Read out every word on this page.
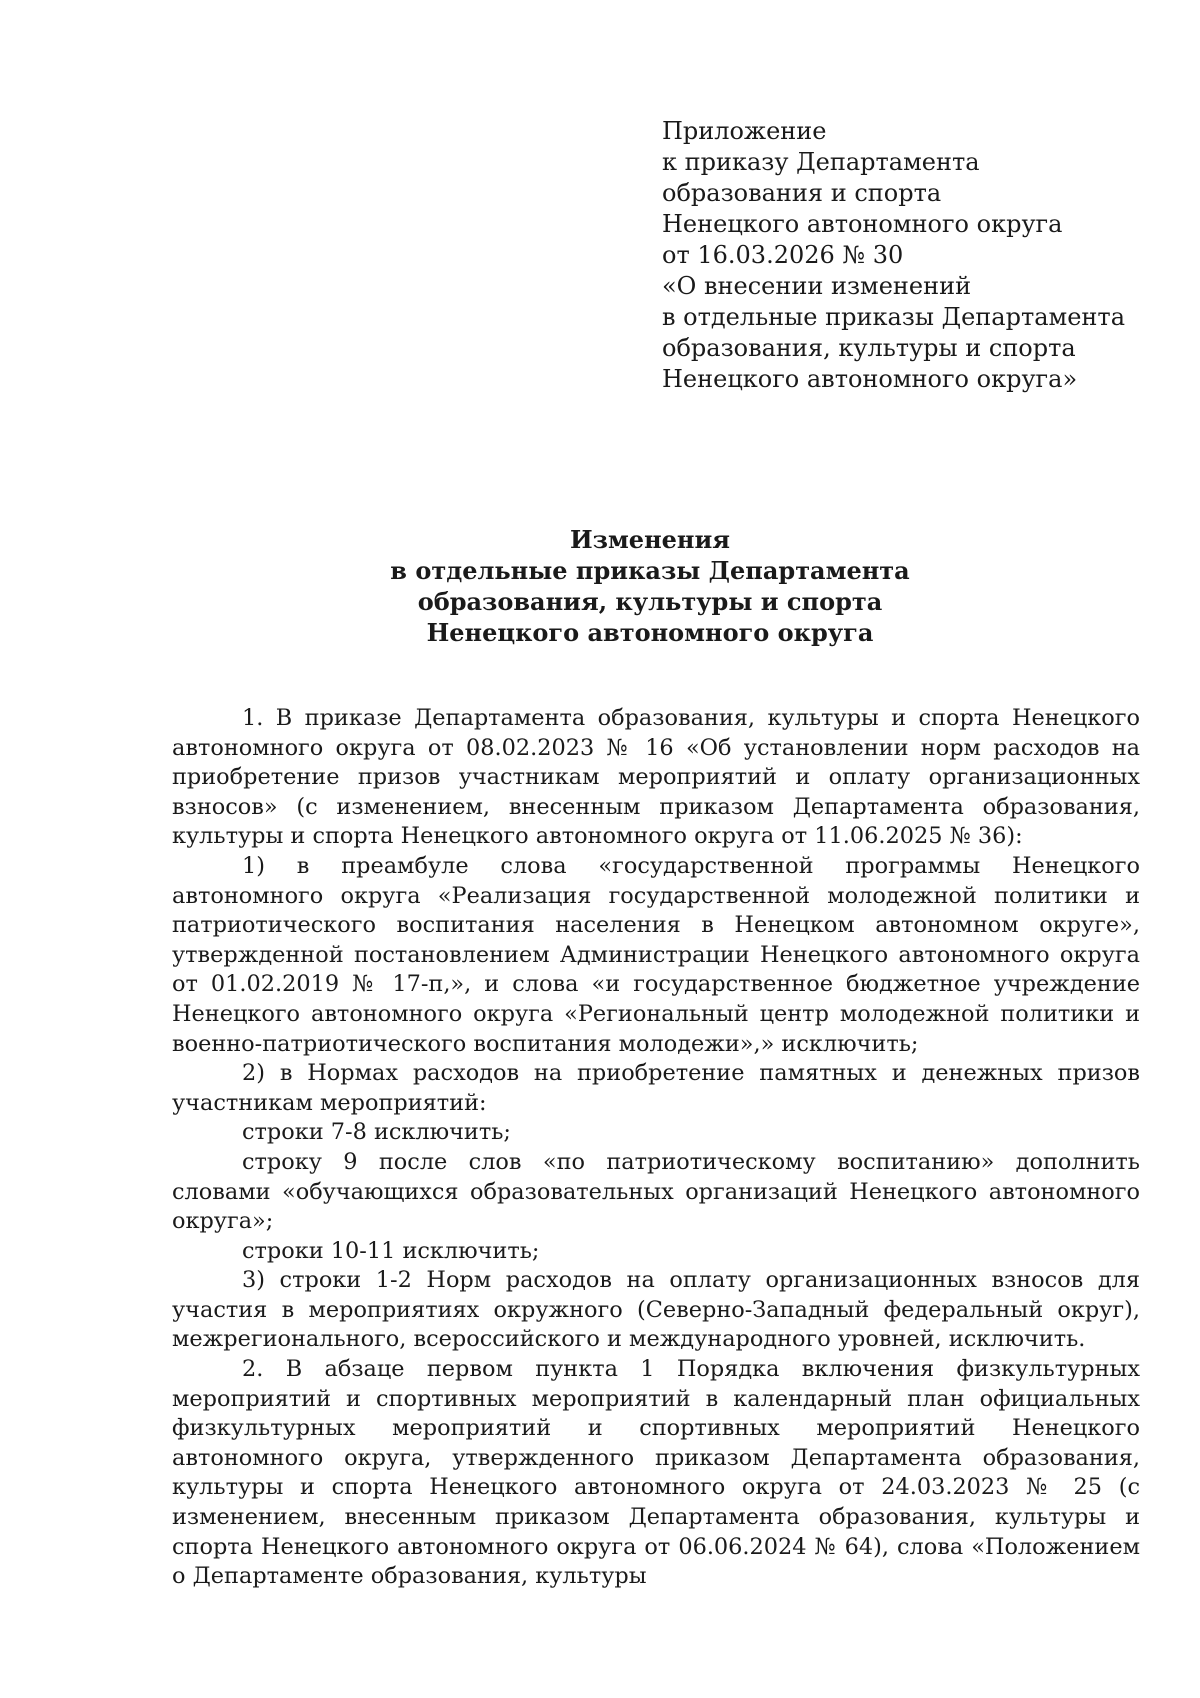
Приложение
к приказу Департамента
образования и спорта
Ненецкого автономного округа
от 16.03.2026 № 30
«О внесении изменений
в отдельные приказы Департамента
образования, культуры и спорта
Ненецкого автономного округа»
Изменения
в отдельные приказы Департамента
образования, культуры и спорта
Ненецкого автономного округа

1. В приказе Департамента образования, культуры и спорта Ненецкого автономного округа от 08.02.2023 № 16 «Об установлении норм расходов на приобретение призов участникам мероприятий и оплату организационных взносов» (с изменением, внесенным приказом Департамента образования, культуры и спорта Ненецкого автономного округа от 11.06.2025 № 36):

1) в преамбуле слова «государственной программы Ненецкого автономного округа «Реализация государственной молодежной политики и патриотического воспитания населения в Ненецком автономном округе», утвержденной постановлением Администрации Ненецкого автономного округа от 01.02.2019 № 17-п,», и слова «и государственное бюджетное учреждение Ненецкого автономного округа «Региональный центр молодежной политики и военно-патриотического воспитания молодежи»,» исключить;

2) в Нормах расходов на приобретение памятных и денежных призов участникам мероприятий:

строки 7-8 исключить;

строку 9 после слов «по патриотическому воспитанию» дополнить словами «обучающихся образовательных организаций Ненецкого автономного округа»;

строки 10-11 исключить;

3) строки 1-2 Норм расходов на оплату организационных взносов для участия в мероприятиях окружного (Северно-Западный федеральный округ), межрегионального, всероссийского и международного уровней, исключить.

2. В абзаце первом пункта 1 Порядка включения физкультурных мероприятий и спортивных мероприятий в календарный план официальных физкультурных мероприятий и спортивных мероприятий Ненецкого автономного округа, утвержденного приказом Департамента образования, культуры и спорта Ненецкого автономного округа от 24.03.2023 № 25 (с изменением, внесенным приказом Департамента образования, культуры и спорта Ненецкого автономного округа от 06.06.2024 № 64), слова «Положением о Департаменте образования, культуры
